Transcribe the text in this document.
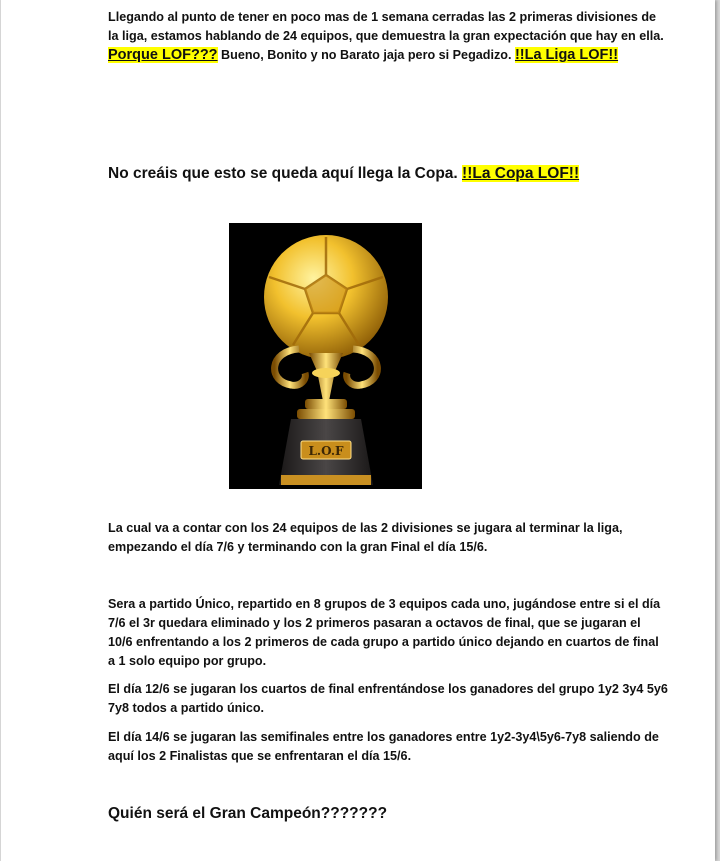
Llegando al punto de tener en poco mas de 1 semana cerradas las 2 primeras divisiones de la liga, estamos hablando de 24 equipos, que demuestra la gran expectación que hay en ella. Porque LOF??? Bueno, Bonito y no Barato jaja pero si Pegadizo. !!La Liga LOF!!

No creáis que esto se queda aquí llega la Copa. !!La Copa LOF!!

L.O.F

La cual va a contar con los 24 equipos de las 2 divisiones se jugara al terminar la liga, empezando el día 7/6 y terminando con la gran Final el día 15/6.

Sera a partido Único, repartido en 8 grupos de 3 equipos cada uno, jugándose entre si el día 7/6 el 3r quedara eliminado y los 2 primeros pasaran a octavos de final, que se jugaran el 10/6 enfrentando a los 2 primeros de cada grupo a partido único dejando en cuartos de final a 1 solo equipo por grupo.

El día 12/6 se jugaran los cuartos de final enfrentándose los ganadores del grupo 1y2 3y4 5y6 7y8 todos a partido único.

El día 14/6 se jugaran las semifinales entre los ganadores entre 1y2-3y4\5y6-7y8 saliendo de aquí los 2 Finalistas que se enfrentaran el día 15/6.

Quién será el Gran Campeón???????
